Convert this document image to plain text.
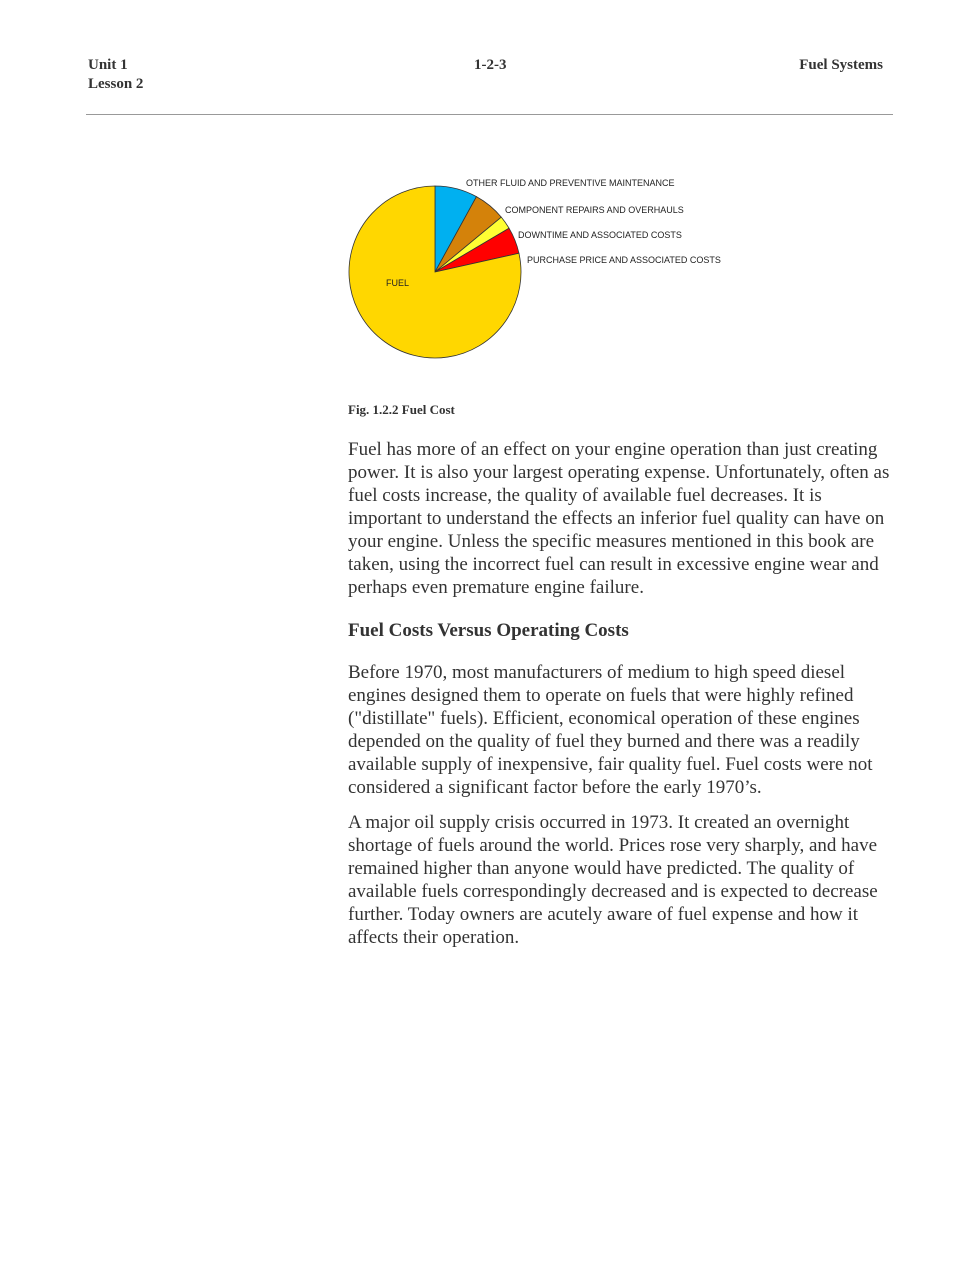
Unit 1
Lesson 2
1-2-3	Fuel Systems
OTHER FLUID AND PREVENTIVE MAINTENANCE
COMPONENT REPAIRS AND OVERHAULS
DOWNTIME AND ASSOCIATED COSTS
PURCHASE PRICE AND ASSOCIATED COSTS
FUEL
Fig. 1.2.2 Fuel Cost

Fuel has more of an effect on your engine operation than just creating power. It is also your largest operating expense. Unfortunately, often as fuel costs increase, the quality of available fuel decreases. It is important to understand the effects an inferior fuel quality can have on your engine. Unless the specific measures mentioned in this book are taken, using the incorrect fuel can result in excessive engine wear and perhaps even premature engine failure.

Fuel Costs Versus Operating Costs

Before 1970, most manufacturers of medium to high speed diesel engines designed them to operate on fuels that were highly refined ("distillate" fuels). Efficient, economical operation of these engines depended on the quality of fuel they burned and there was a readily available supply of inexpensive, fair quality fuel. Fuel costs were not considered a significant factor before the early 1970’s.

A major oil supply crisis occurred in 1973. It created an overnight shortage of fuels around the world. Prices rose very sharply, and have remained higher than anyone would have predicted. The quality of available fuels correspondingly decreased and is expected to decrease further. Today owners are acutely aware of fuel expense and how it affects their operation.
